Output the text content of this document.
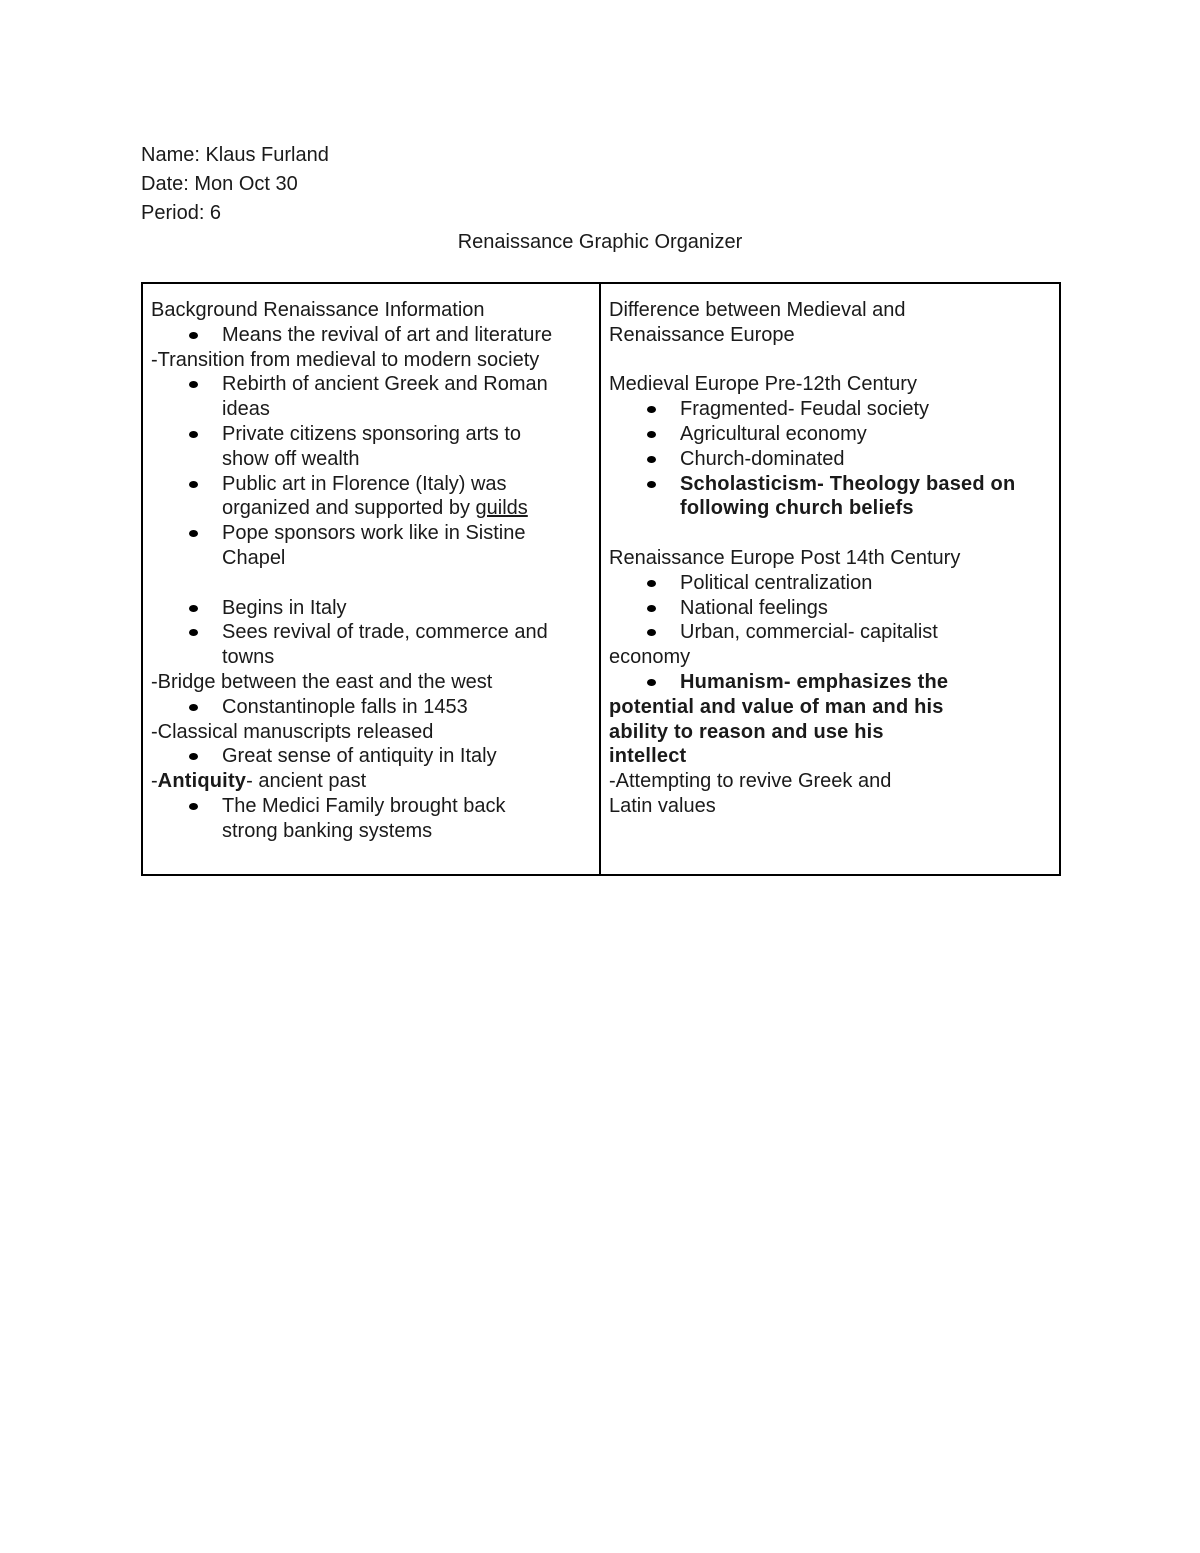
Name: Klaus Furland
Date: Mon Oct 30
Period: 6
Renaissance Graphic Organizer
Background Renaissance Information
Means the revival of art and literature
-Transition from medieval to modern society
Rebirth of ancient Greek and Roman
ideas
Private citizens sponsoring arts to
show off wealth
Public art in Florence (Italy) was
organized and supported by guilds
Pope sponsors work like in Sistine
Chapel
Begins in Italy
Sees revival of trade, commerce and
towns
-Bridge between the east and the west
Constantinople falls in 1453
-Classical manuscripts released
Great sense of antiquity in Italy
-Antiquity- ancient past
The Medici Family brought back
strong banking systems
Difference between Medieval and
Renaissance Europe
Medieval Europe Pre-12th Century
Fragmented- Feudal society
Agricultural economy
Church-dominated
Scholasticism- Theology based on
following church beliefs
Renaissance Europe Post 14th Century
Political centralization
National feelings
Urban, commercial- capitalist
economy
Humanism- emphasizes the
potential and value of man and his
ability to reason and use his
intellect
-Attempting to revive Greek and
Latin values
